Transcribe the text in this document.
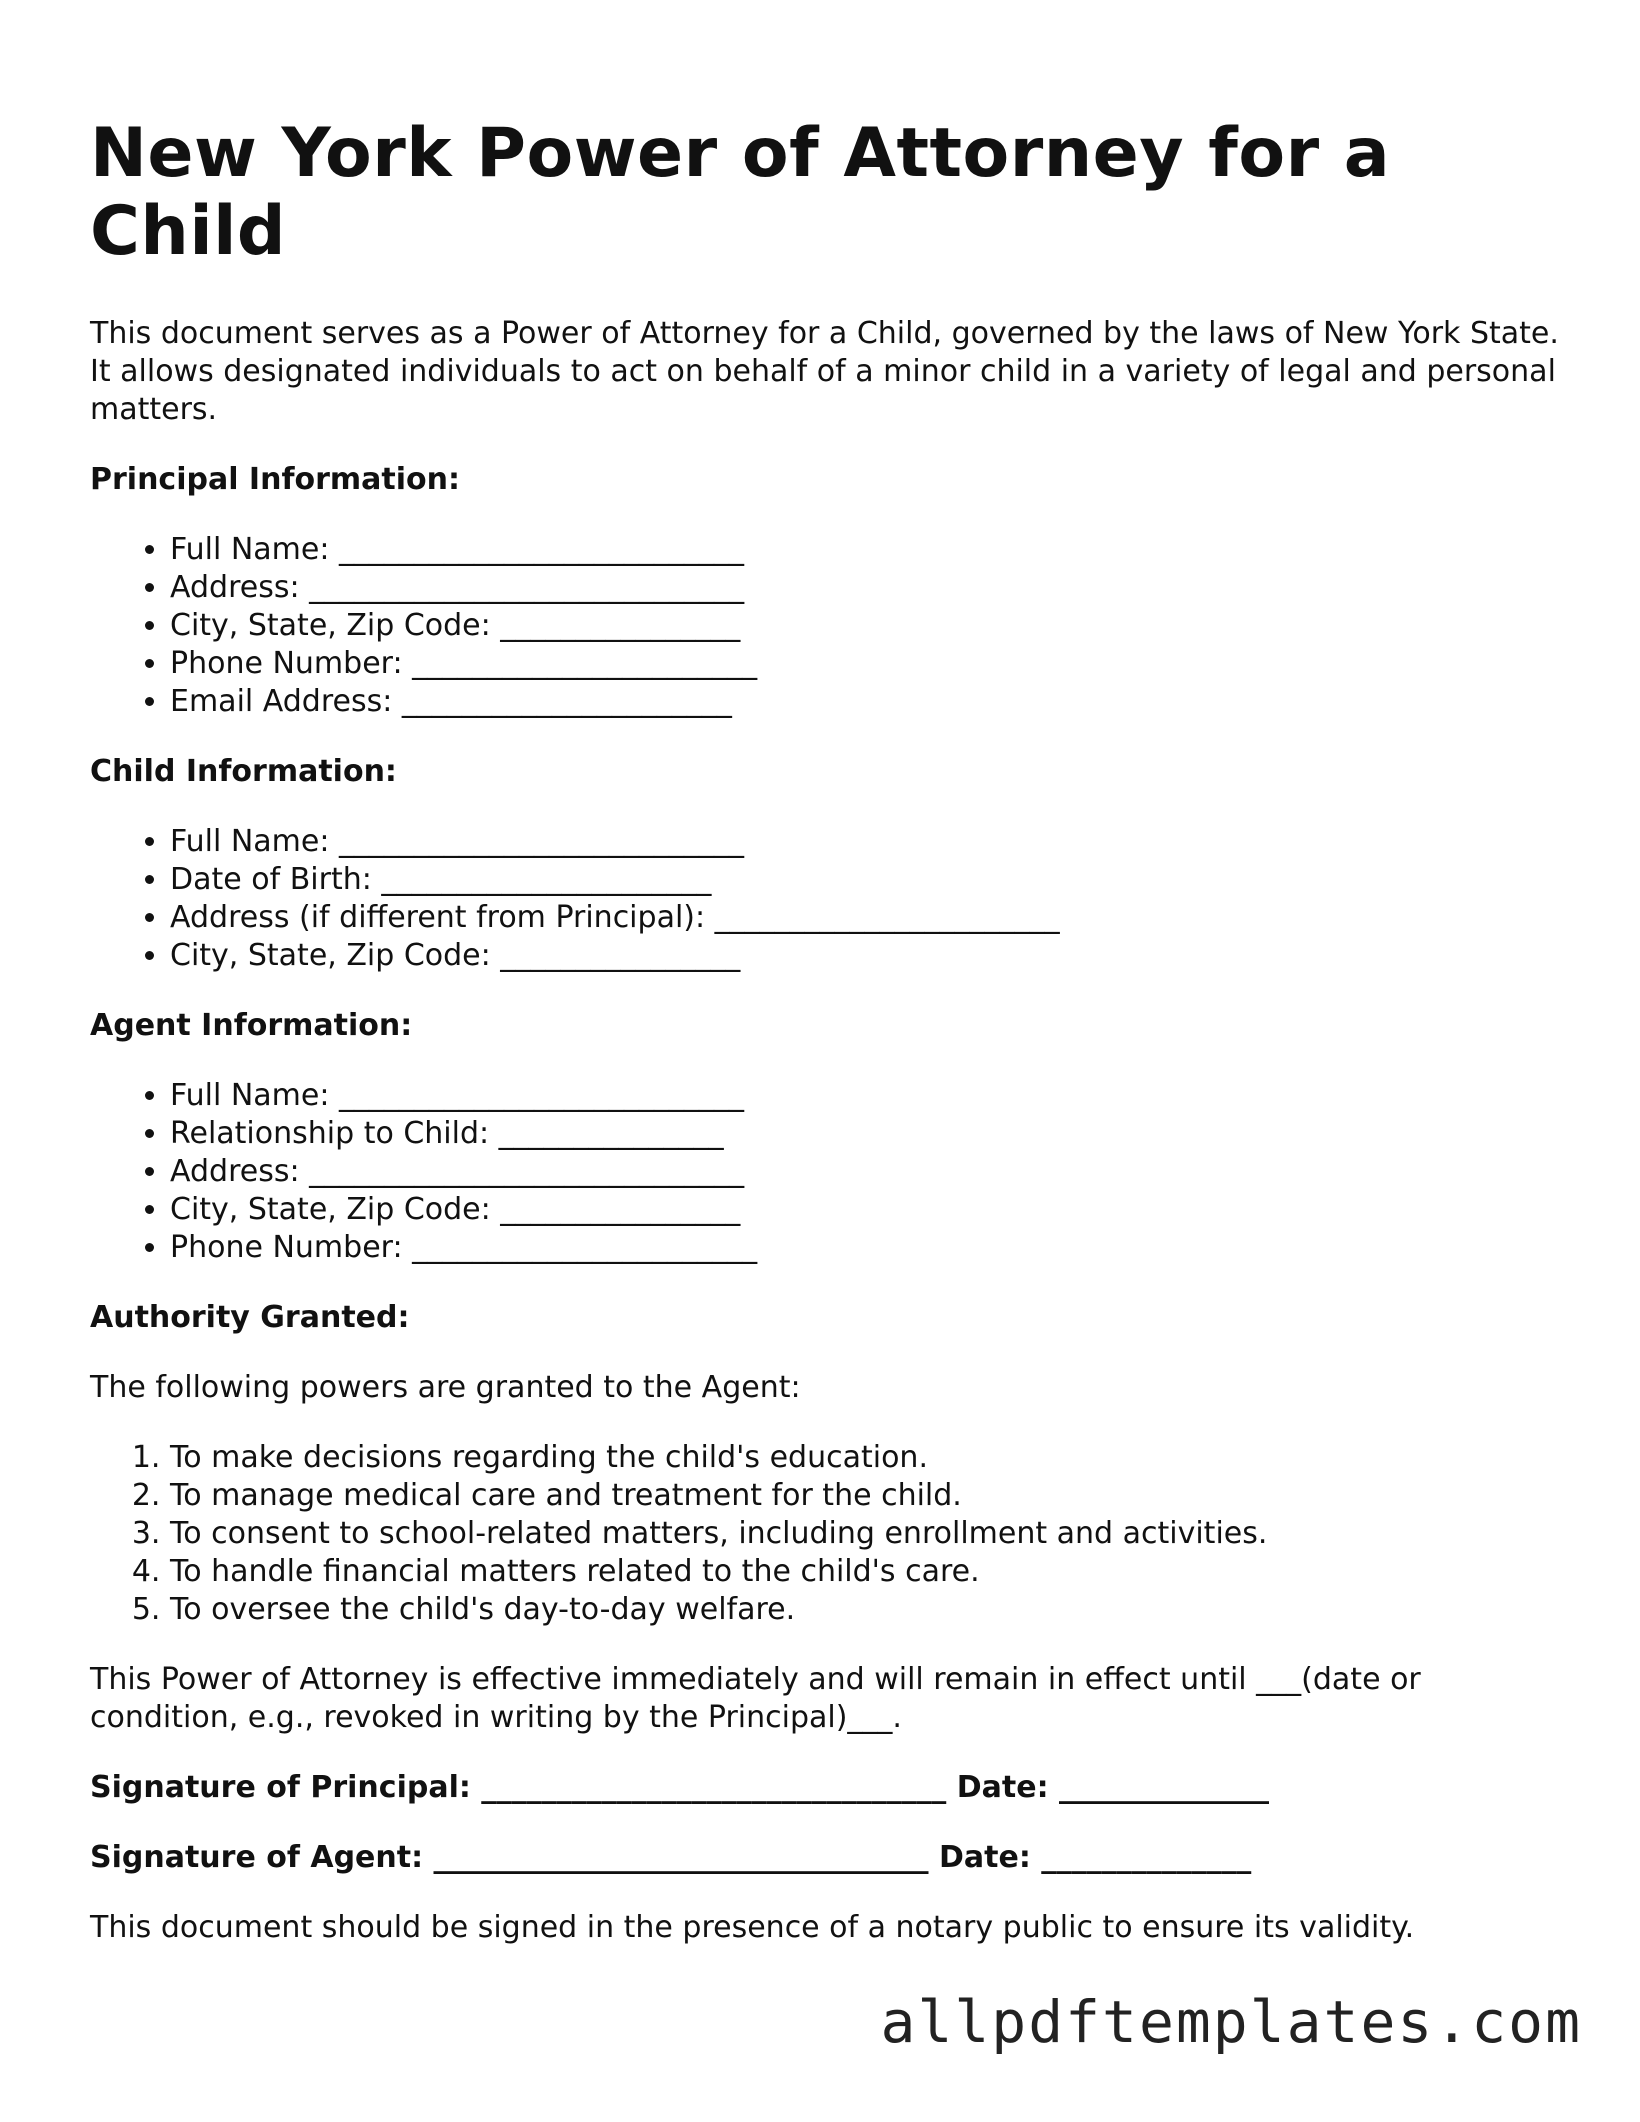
New York Power of Attorney for a Child

This document serves as a Power of Attorney for a Child, governed by the laws of New York State. It allows designated individuals to act on behalf of a minor child in a variety of legal and personal matters.

Principal Information:
• Full Name: ___________________________
• Address: _____________________________
• City, State, Zip Code: ________________
• Phone Number: _______________________
• Email Address: ______________________
Child Information:
• Full Name: ___________________________
• Date of Birth: ______________________
• Address (if different from Principal): _______________________
• City, State, Zip Code: ________________
Agent Information:
• Full Name: ___________________________
• Relationship to Child: _______________
• Address: _____________________________
• City, State, Zip Code: ________________
• Phone Number: _______________________
Authority Granted:

The following powers are granted to the Agent:

1. To make decisions regarding the child's education.
2. To manage medical care and treatment for the child.
3. To consent to school-related matters, including enrollment and activities.
4. To handle financial matters related to the child's care.
5. To oversee the child's day-to-day welfare.

This Power of Attorney is effective immediately and will remain in effect until ___(date or condition, e.g., revoked in writing by the Principal)___.

Signature of Principal: _______________________________ Date: ______________
Signature of Agent: _________________________________ Date: ______________

This document should be signed in the presence of a notary public to ensure its validity.

allpdftemplates.com
